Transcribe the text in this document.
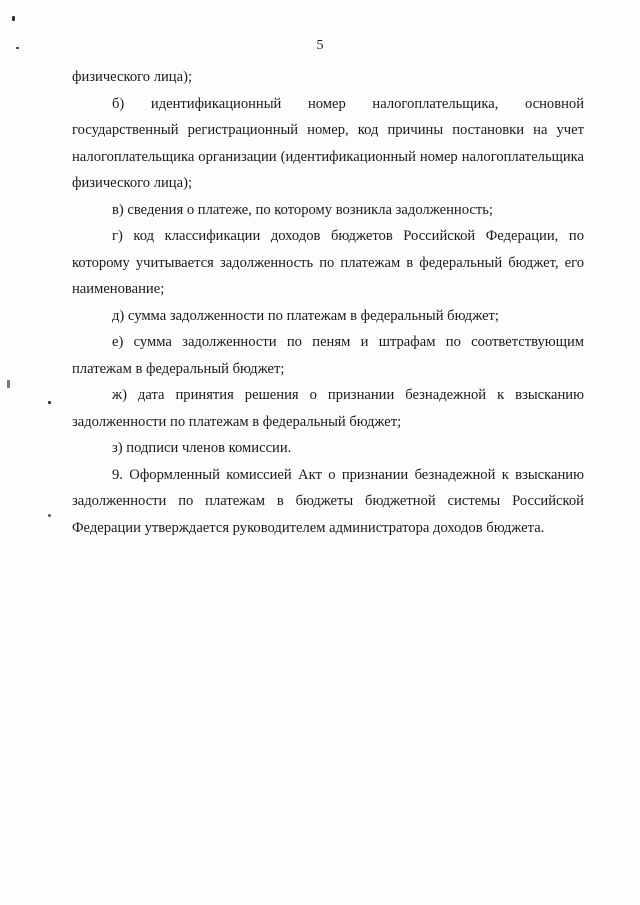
5

физического лица);

б) идентификационный номер налогоплательщика, основной государственный регистрационный номер, код причины постановки на учет налогоплательщика организации (идентификационный номер налогоплательщика физического лица);

в) сведения о платеже, по которому возникла задолженность;

г) код классификации доходов бюджетов Российской Федерации, по которому учитывается задолженность по платежам в федеральный бюджет, его наименование;

д) сумма задолженности по платежам в федеральный бюджет;

е) сумма задолженности по пеням и штрафам по соответствующим платежам в федеральный бюджет;

ж) дата принятия решения о признании безнадежной к взысканию задолженности по платежам в федеральный бюджет;

з) подписи членов комиссии.

9. Оформленный комиссией Акт о признании безнадежной к взысканию задолженности по платежам в бюджеты бюджетной системы Российской Федерации утверждается руководителем администратора доходов бюджета.
